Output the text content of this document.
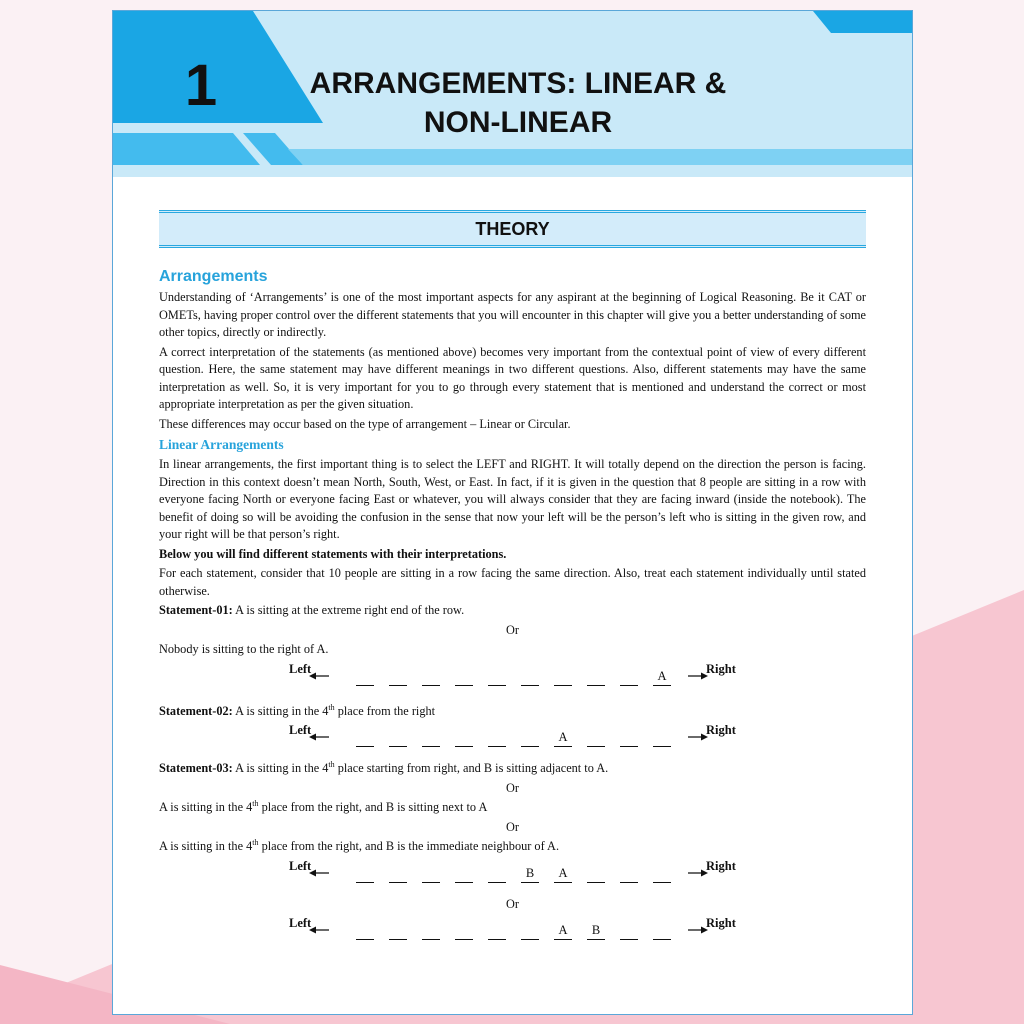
1	ARRANGEMENTS: LINEAR &
NON-LINEAR
THEORY
Arrangements

Understanding of ‘Arrangements’ is one of the most important aspects for any aspirant at the beginning of Logical Reasoning. Be it CAT or OMETs, having proper control over the different statements that you will encounter in this chapter will give you a better understanding of some other topics, directly or indirectly.

A correct interpretation of the statements (as mentioned above) becomes very important from the contextual point of view of every different question. Here, the same statement may have different meanings in two different questions. Also, different statements may have the same interpretation as well. So, it is very important for you to go through every statement that is mentioned and understand the correct or most appropriate interpretation as per the given situation.

These differences may occur based on the type of arrangement – Linear or Circular.

Linear Arrangements

In linear arrangements, the first important thing is to select the LEFT and RIGHT. It will totally depend on the direction the person is facing. Direction in this context doesn’t mean North, South, West, or East. In fact, if it is given in the question that 8 people are sitting in a row with everyone facing North or everyone facing East or whatever, you will always consider that they are facing inward (inside the notebook). The benefit of doing so will be avoiding the confusion in the sense that now your left will be the person’s left who is sitting in the given row, and your right will be that person’s right.

Below you will find different statements with their interpretations.

For each statement, consider that 10 people are sitting in a row facing the same direction. Also, treat each statement individually until stated otherwise.

Statement-01: A is sitting at the extreme right end of the row.

Or

Nobody is sitting to the right of A.

Left	Right
A

Statement-02: A is sitting in the 4th place from the right

Left	Right
A

Statement-03: A is sitting in the 4th place starting from right, and B is sitting adjacent to A.

Or

A is sitting in the 4th place from the right, and B is sitting next to A

Or

A is sitting in the 4th place from the right, and B is the immediate neighbour of A.

Left	Right
B	A

Or

Left	Right
A	B
